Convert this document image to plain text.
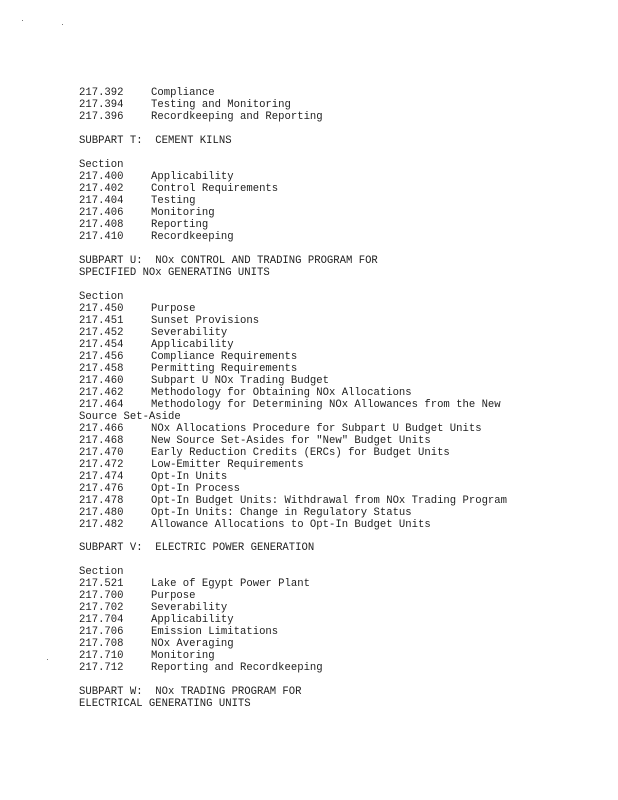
217.392	Compliance
217.394	Testing and Monitoring
217.396	Recordkeeping and Reporting
SUBPART T:  CEMENT KILNS
Section
217.400	Applicability
217.402	Control Requirements
217.404	Testing
217.406	Monitoring
217.408	Reporting
217.410	Recordkeeping
SUBPART U:  NOx CONTROL AND TRADING PROGRAM FOR
SPECIFIED NOx GENERATING UNITS
Section
217.450	Purpose
217.451	Sunset Provisions
217.452	Severability
217.454	Applicability
217.456	Compliance Requirements
217.458	Permitting Requirements
217.460	Subpart U NOx Trading Budget
217.462	Methodology for Obtaining NOx Allocations
217.464	Methodology for Determining NOx Allowances from the New
Source Set-Aside
217.466	NOx Allocations Procedure for Subpart U Budget Units
217.468	New Source Set-Asides for "New" Budget Units
217.470	Early Reduction Credits (ERCs) for Budget Units
217.472	Low-Emitter Requirements
217.474	Opt-In Units
217.476	Opt-In Process
217.478	Opt-In Budget Units: Withdrawal from NOx Trading Program
217.480	Opt-In Units: Change in Regulatory Status
217.482	Allowance Allocations to Opt-In Budget Units
SUBPART V:  ELECTRIC POWER GENERATION
Section
217.521	Lake of Egypt Power Plant
217.700	Purpose
217.702	Severability
217.704	Applicability
217.706	Emission Limitations
217.708	NOx Averaging
217.710	Monitoring
217.712	Reporting and Recordkeeping
SUBPART W:  NOx TRADING PROGRAM FOR
ELECTRICAL GENERATING UNITS
